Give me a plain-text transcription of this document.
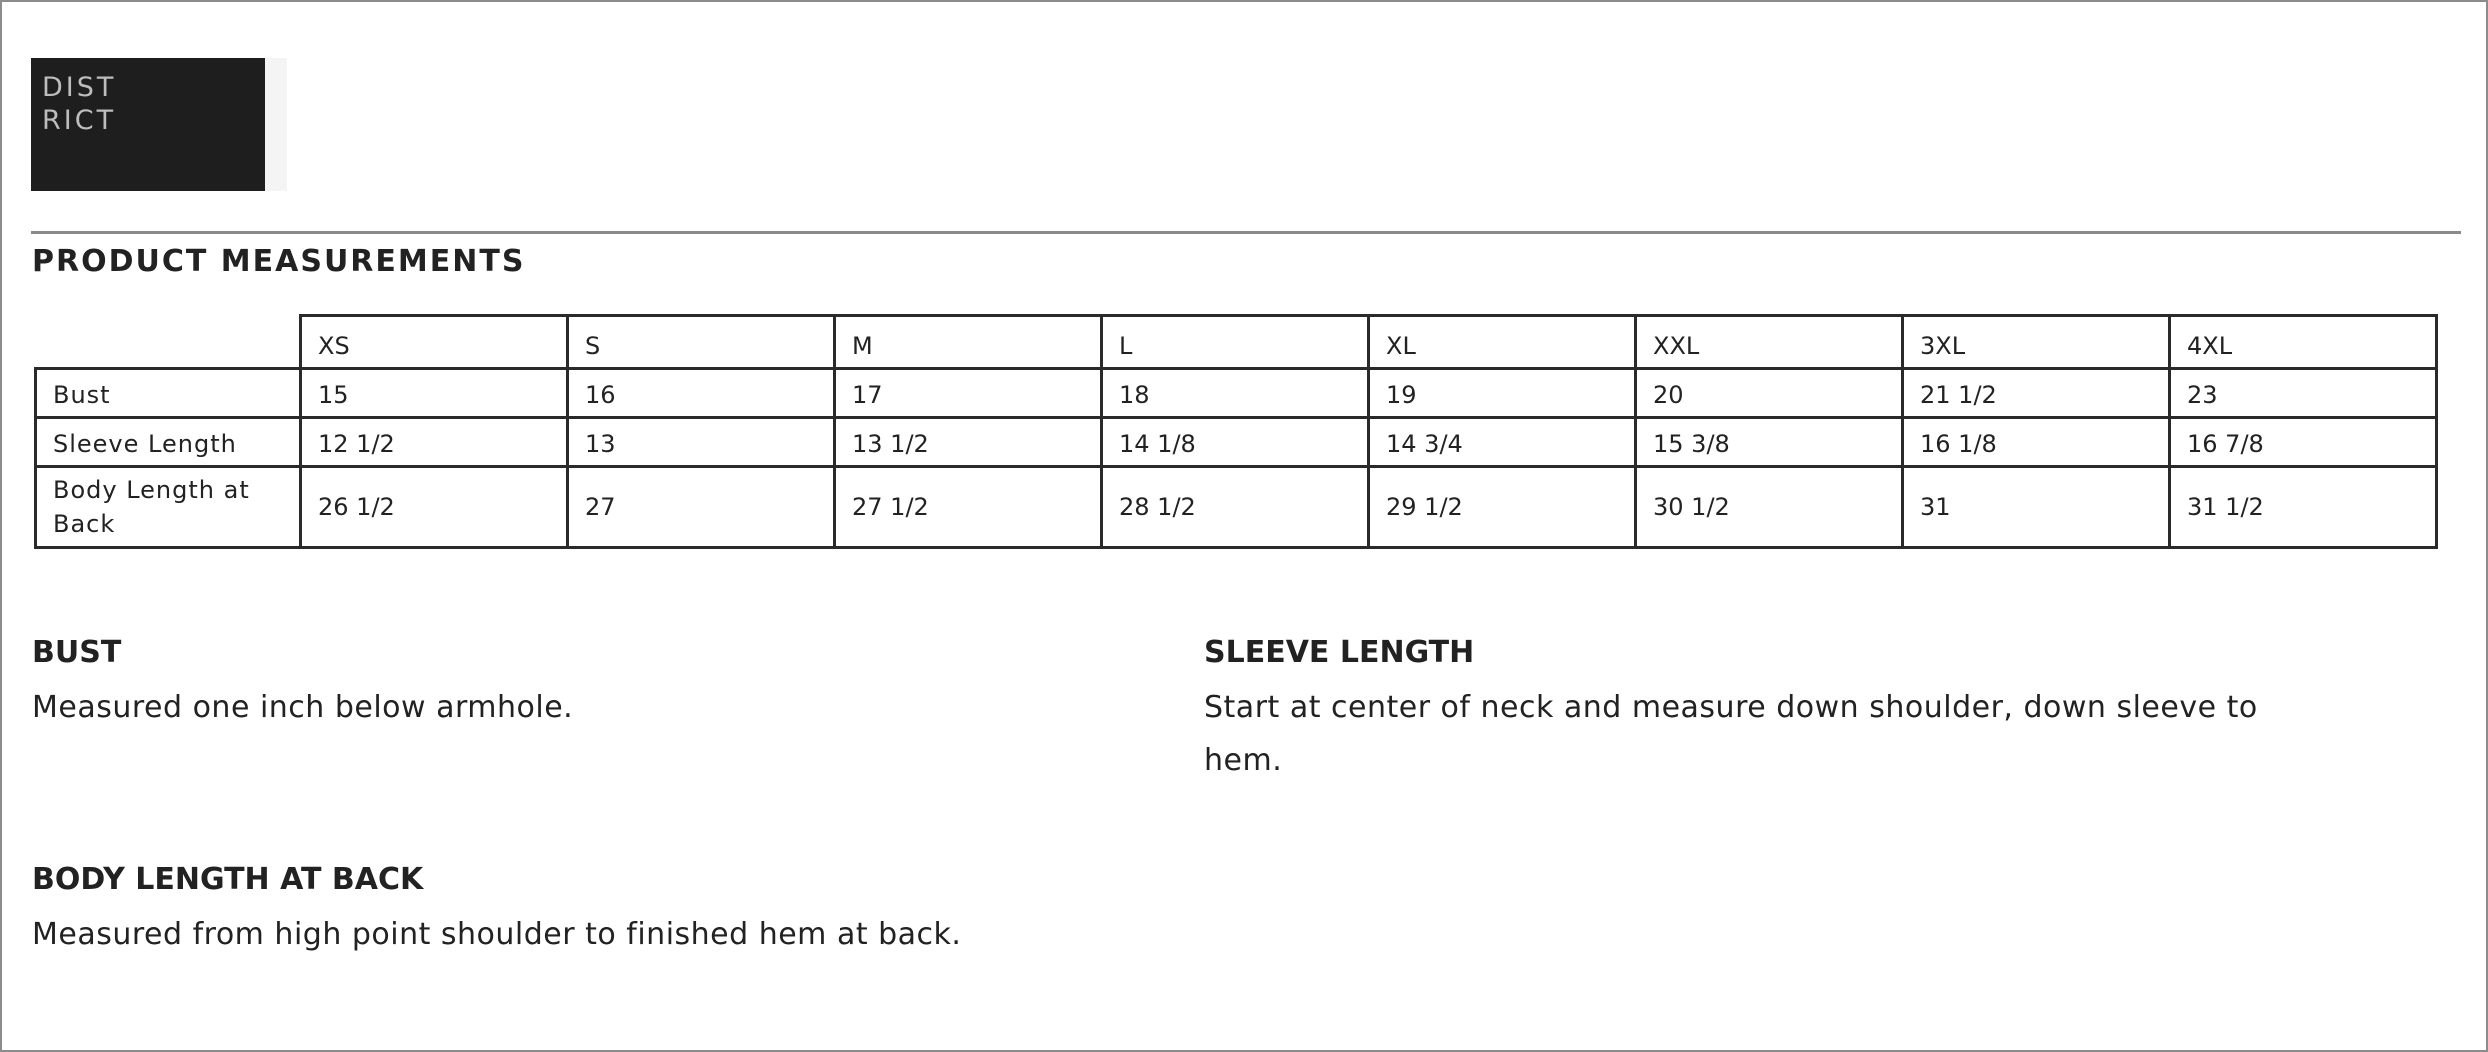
DIST
RICT
PRODUCT MEASUREMENTS
	XS	S	M	L	XL	XXL	3XL	4XL
Bust	15	16	17	18	19	20	21 1/2	23
Sleeve Length	12 1/2	13	13 1/2	14 1/8	14 3/4	15 3/8	16 1/8	16 7/8
Body Length at Back	26 1/2	27	27 1/2	28 1/2	29 1/2	30 1/2	31	31 1/2
BUST

Measured one inch below armhole.

SLEEVE LENGTH

Start at center of neck and measure down shoulder, down sleeve to hem.

BODY LENGTH AT BACK

Measured from high point shoulder to finished hem at back.
